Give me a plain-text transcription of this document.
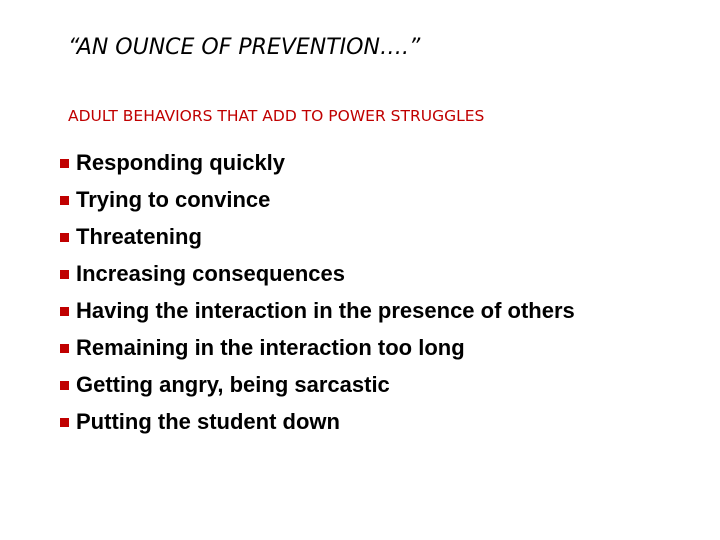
“AN OUNCE OF PREVENTION….”
ADULT BEHAVIORS THAT ADD TO POWER STRUGGLES
Responding quickly
Trying to convince
Threatening
Increasing consequences
Having the interaction in the presence of others
Remaining in the interaction too long
Getting angry, being sarcastic
Putting the student down
